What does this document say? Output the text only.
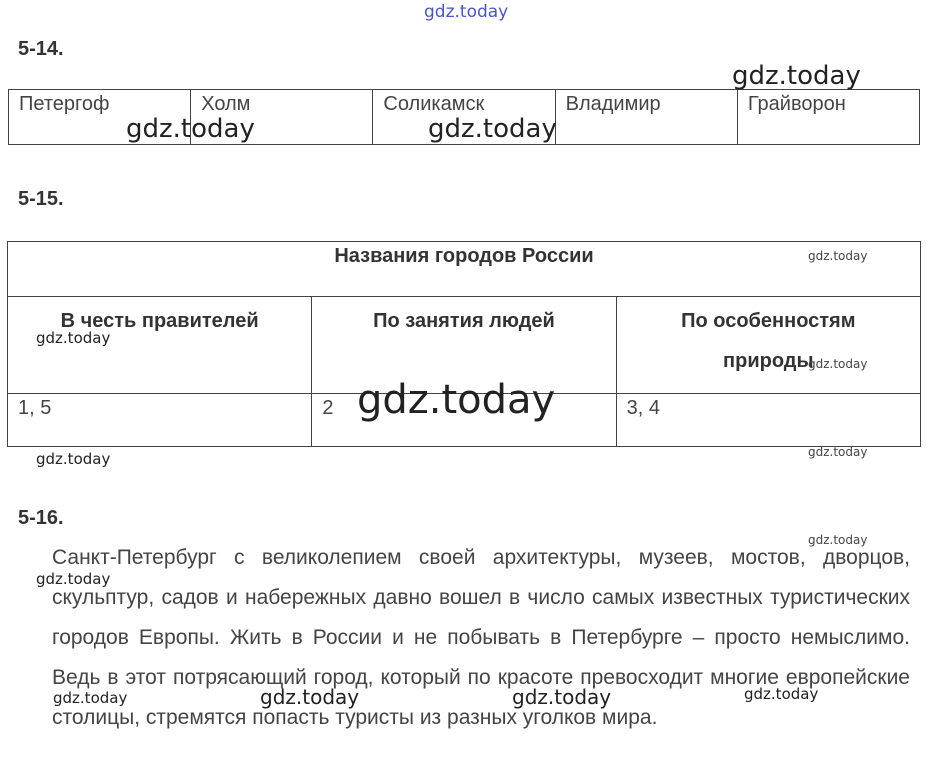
gdz.today
5-14.
Петергоф	Холм	Соликамск	Владимир	Грайворон
gdz.today
gdz.today	gdz.today
5-15.
Названия городов России
В честь правителей	По занятия людей	По особенностям природы
1, 5	2	3, 4
gdz.today
gdz.today
gdz.today
gdz.today
gdz.today
gdz.today
5-16.
Санкт-Петербург с великолепием своей архитектуры, музеев, мостов, дворцов, скульптур, садов и набережных давно вошел в число самых известных туристических городов Европы. Жить в России и не побывать в Петербурге – просто немыслимо. Ведь в этот потрясающий город, который по красоте превосходит многие европейские столицы, стремятся попасть туристы из разных уголков мира.
gdz.today
gdz.today
gdz.today	gdz.today	gdz.today	gdz.today
